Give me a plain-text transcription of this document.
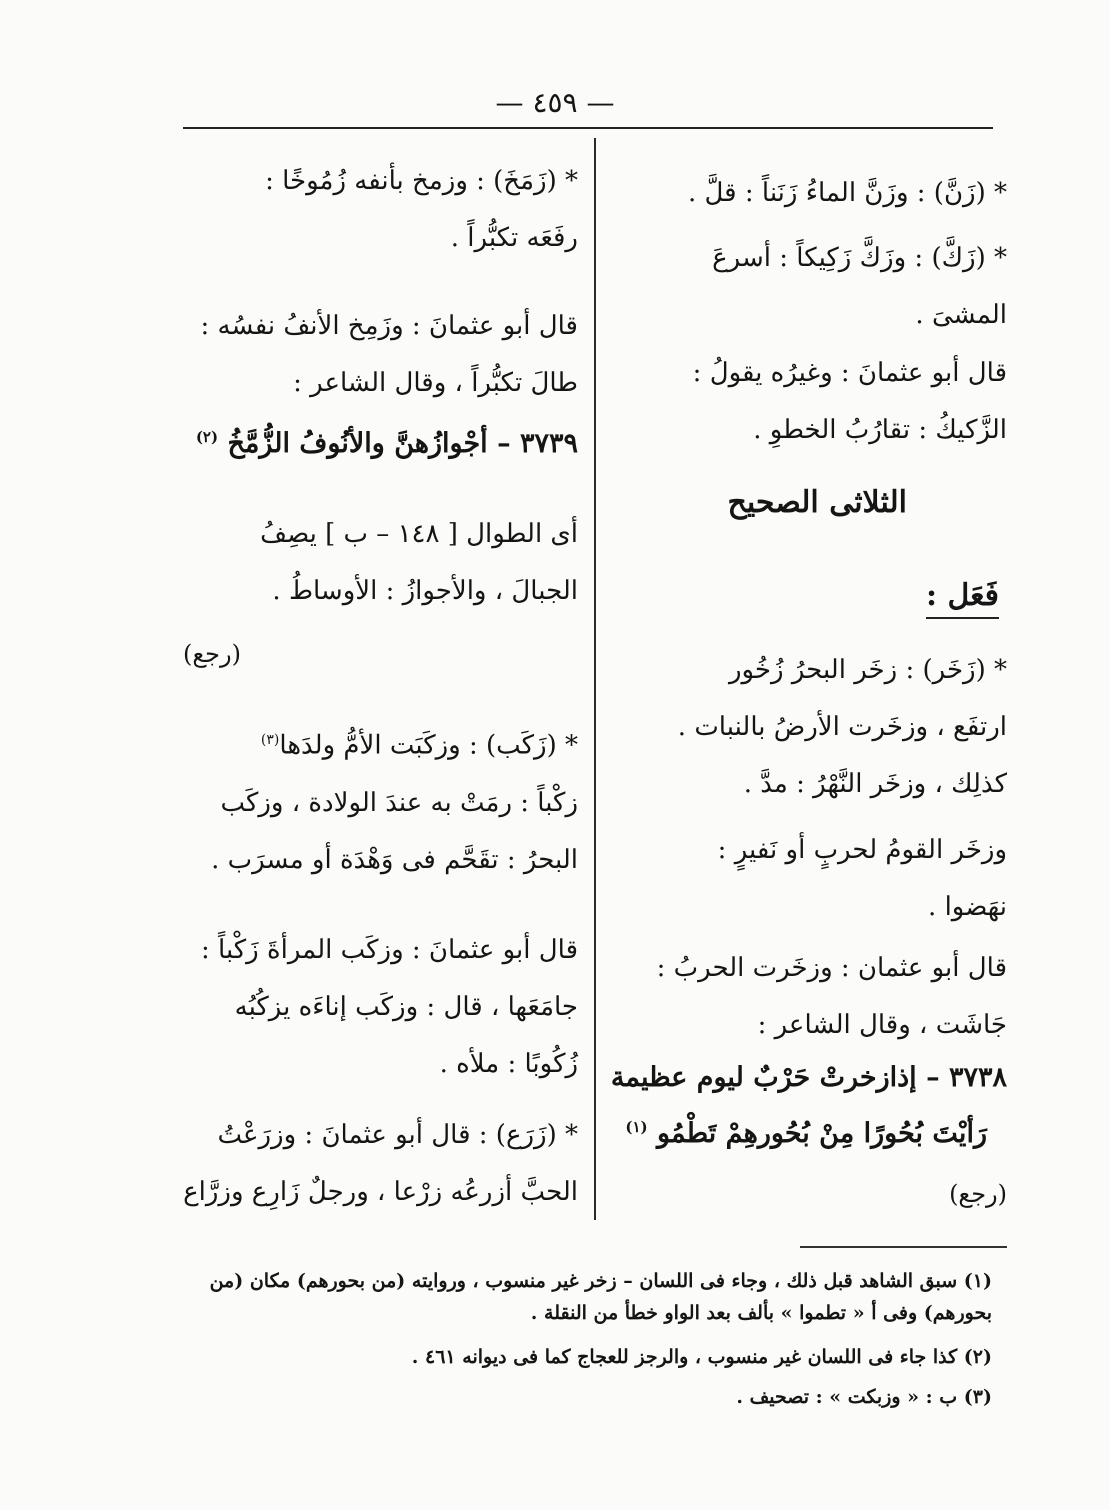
— ٤٥٩ —
* (زَنَّ) : وزَنَّ الماءُ زَنَناً : قلَّ .
* (زَكَّ) : وزَكَّ زَكِيكاً : أسرعَ
المشىَ .
قال أبو عثمانَ : وغيرُه يقولُ :
الزَّكيكُ : تقارُبُ الخطوِ .
الثلاثى الصحيح
فَعَل :
* (زَخَر) : زخَر البحرُ زُخُور
ارتفَع ، وزخَرت الأرضُ بالنبات .
كذلِك ، وزخَر النَّهْرُ : مدَّ .
وزخَر القومُ لحربٍ أو نَفيرٍ :
نهَضوا .
قال أبو عثمان : وزخَرت الحربُ :
جَاشَت ، وقال الشاعر :
٣٧٣٨ – إذازخرتْ حَرْبٌ ليوم عظيمة
رَأيْتَ بُحُورًا مِنْ بُحُورهِمْ تَطْمُو $^{(١)}$
(رجع)
* (زَمَخَ) : وزمخ بأنفه زُمُوخًا :
رفَعَه تكبُّراً .
قال أبو عثمانَ : وزَمِخ الأنفُ نفسُه :
طالَ تكبُّراً ، وقال الشاعر :
٣٧٣٩ – أجْوازُهنَّ والأنُوفُ الزُّمَّخُ $^{(٢)}$
أى الطوال [ ١٤٨ – ب ] يصِفُ
الجبالَ ، والأجوازُ : الأوساطُ .
(رجع)
* (زَكَب) : وزكَبَت الأمُّ ولدَها$^{(٣)}$
زكْباً : رمَتْ به عندَ الولادة ، وزكَب
البحرُ : تقَحَّم فى وَهْدَة أو مسرَب .
قال أبو عثمانَ : وزكَب المرأةَ زَكْباً :
جامَعَها ، قال : وزكَب إناءَه يزكُبُه
زُكُوبًا : ملأه .
* (زَرَع) : قال أبو عثمانَ : وزرَعْتُ
الحبَّ أزرعُه زرْعا ، ورجلٌ زَارِع وزرَّاع
(١) سبق الشاهد قبل ذلك ، وجاء فى اللسان – زخر غير منسوب ، وروايته (من بحورهم) مكان (من
بحورهم) وفى أ « تطموا » بألف بعد الواو خطأ من النقلة .
(٢) كذا جاء فى اللسان غير منسوب ، والرجز للعجاج كما فى ديوانه ٤٦١ .
(٣) ب : « وزبكت » : تصحيف .
